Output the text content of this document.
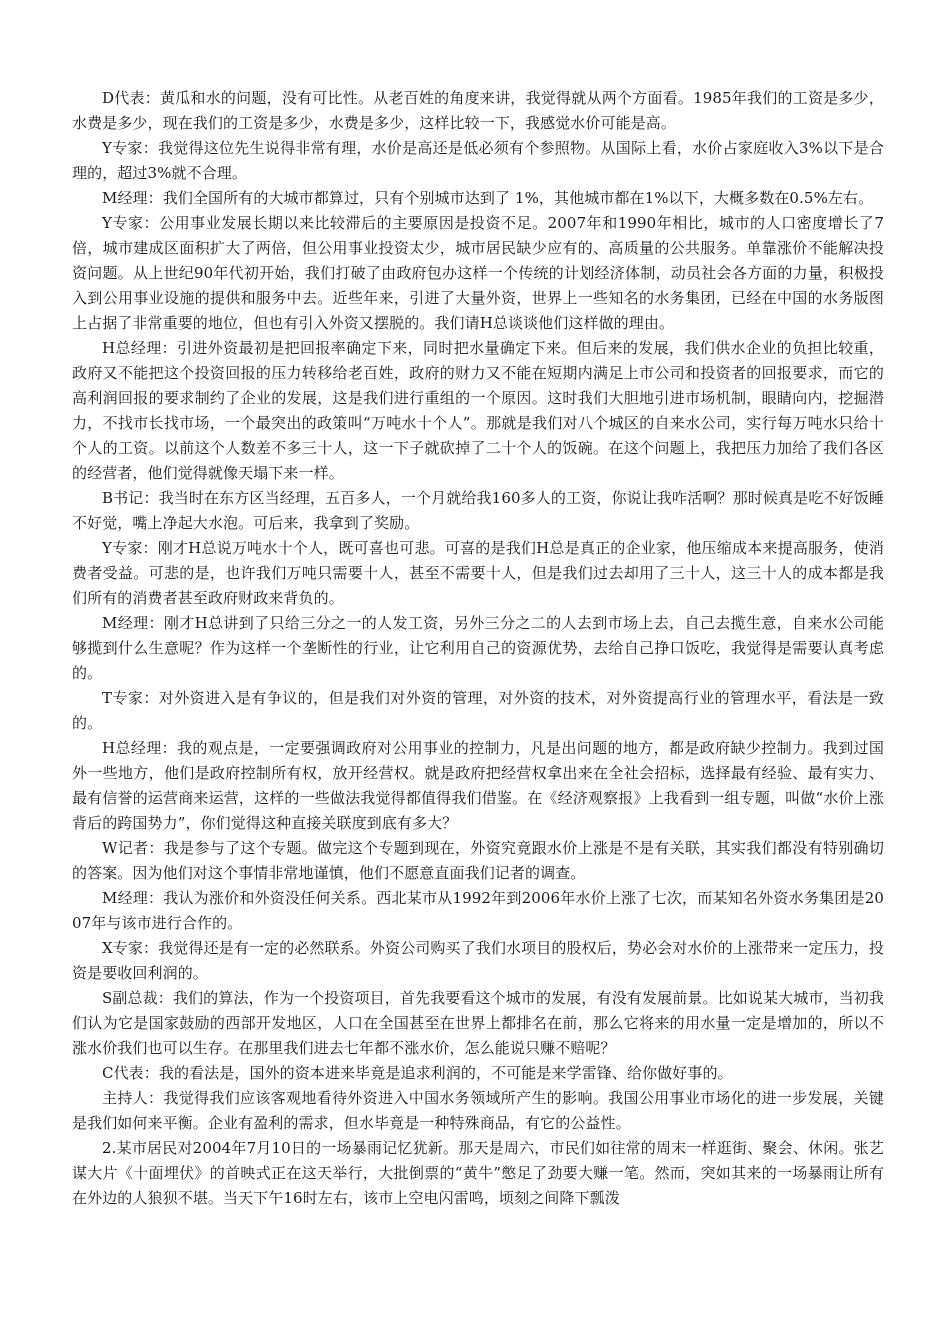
D代表：黄瓜和水的问题，没有可比性。从老百姓的角度来讲，我觉得就从两个方面看。1985年我们的工资是多少，水费是多少，现在我们的工资是多少，水费是多少，这样比较一下，我感觉水价可能是高。

Y专家：我觉得这位先生说得非常有理，水价是高还是低必须有个参照物。从国际上看，水价占家庭收入3%以下是合理的，超过3%就不合理。

M经理：我们全国所有的大城市都算过，只有个别城市达到了 1%，其他城市都在1%以下，大概多数在0.5%左右。

Y专家：公用事业发展长期以来比较滞后的主要原因是投资不足。2007年和1990年相比，城市的人口密度增长了7倍，城市建成区面积扩大了两倍，但公用事业投资太少，城市居民缺少应有的、高质量的公共服务。单靠涨价不能解决投资问题。从上世纪90年代初开始，我们打破了由政府包办这样一个传统的计划经济体制，动员社会各方面的力量，积极投入到公用事业设施的提供和服务中去。近些年来，引进了大量外资，世界上一些知名的水务集团，已经在中国的水务版图上占据了非常重要的地位，但也有引入外资又摆脱的。我们请H总谈谈他们这样做的理由。

H总经理：引进外资最初是把回报率确定下来，同时把水量确定下来。但后来的发展，我们供水企业的负担比较重，政府又不能把这个投资回报的压力转移给老百姓，政府的财力又不能在短期内满足上市公司和投资者的回报要求，而它的高利润回报的要求制约了企业的发展，这是我们进行重组的一个原因。这时我们大胆地引进市场机制，眼睛向内，挖掘潜力，不找市长找市场，一个最突出的政策叫“万吨水十个人”。那就是我们对八个城区的自来水公司，实行每万吨水只给十个人的工资。以前这个人数差不多三十人，这一下子就砍掉了二十个人的饭碗。在这个问题上，我把压力加给了我们各区的经营者，他们觉得就像天塌下来一样。

B书记：我当时在东方区当经理，五百多人，一个月就给我160多人的工资，你说让我咋活啊？那时候真是吃不好饭睡不好觉，嘴上净起大水泡。可后来，我拿到了奖励。

Y专家：刚才H总说万吨水十个人，既可喜也可悲。可喜的是我们H总是真正的企业家，他压缩成本来提高服务，使消费者受益。可悲的是，也许我们万吨只需要十人，甚至不需要十人，但是我们过去却用了三十人，这三十人的成本都是我们所有的消费者甚至政府财政来背负的。

M经理：刚才H总讲到了只给三分之一的人发工资，另外三分之二的人去到市场上去，自己去揽生意，自来水公司能够揽到什么生意呢？作为这样一个垄断性的行业，让它利用自己的资源优势，去给自己挣口饭吃，我觉得是需要认真考虑的。

T专家：对外资进入是有争议的，但是我们对外资的管理，对外资的技术，对外资提高行业的管理水平，看法是一致的。

H总经理：我的观点是，一定要强调政府对公用事业的控制力，凡是出问题的地方，都是政府缺少控制力。我到过国外一些地方，他们是政府控制所有权，放开经营权。就是政府把经营权拿出来在全社会招标，选择最有经验、最有实力、最有信誉的运营商来运营，这样的一些做法我觉得都值得我们借鉴。在《经济观察报》上我看到一组专题，叫做“水价上涨背后的跨国势力”，你们觉得这种直接关联度到底有多大？

W记者：我是参与了这个专题。做完这个专题到现在，外资究竟跟水价上涨是不是有关联，其实我们都没有特别确切的答案。因为他们对这个事情非常地谨慎，他们不愿意直面我们记者的调查。

M经理：我认为涨价和外资没任何关系。西北某市从1992年到2006年水价上涨了七次，而某知名外资水务集团是2007年与该市进行合作的。

X专家：我觉得还是有一定的必然联系。外资公司购买了我们水项目的股权后，势必会对水价的上涨带来一定压力，投资是要收回利润的。

S副总裁：我们的算法，作为一个投资项目，首先我要看这个城市的发展，有没有发展前景。比如说某大城市，当初我们认为它是国家鼓励的西部开发地区，人口在全国甚至在世界上都排名在前，那么它将来的用水量一定是增加的，所以不涨水价我们也可以生存。在那里我们进去七年都不涨水价，怎么能说只赚不赔呢？

C代表：我的看法是，国外的资本进来毕竟是追求利润的，不可能是来学雷锋、给你做好事的。

主持人：我觉得我们应该客观地看待外资进入中国水务领域所产生的影响。我国公用事业市场化的进一步发展，关键是我们如何来平衡。企业有盈利的需求，但水毕竟是一种特殊商品，有它的公益性。

2.某市居民对2004年7月10日的一场暴雨记忆犹新。那天是周六，市民们如往常的周末一样逛街、聚会、休闲。张艺谋大片《十面埋伏》的首映式正在这天举行，大批倒票的“黄牛”憋足了劲要大赚一笔。然而，突如其来的一场暴雨让所有在外边的人狼狈不堪。当天下午16时左右，该市上空电闪雷鸣，顷刻之间降下瓢泼
